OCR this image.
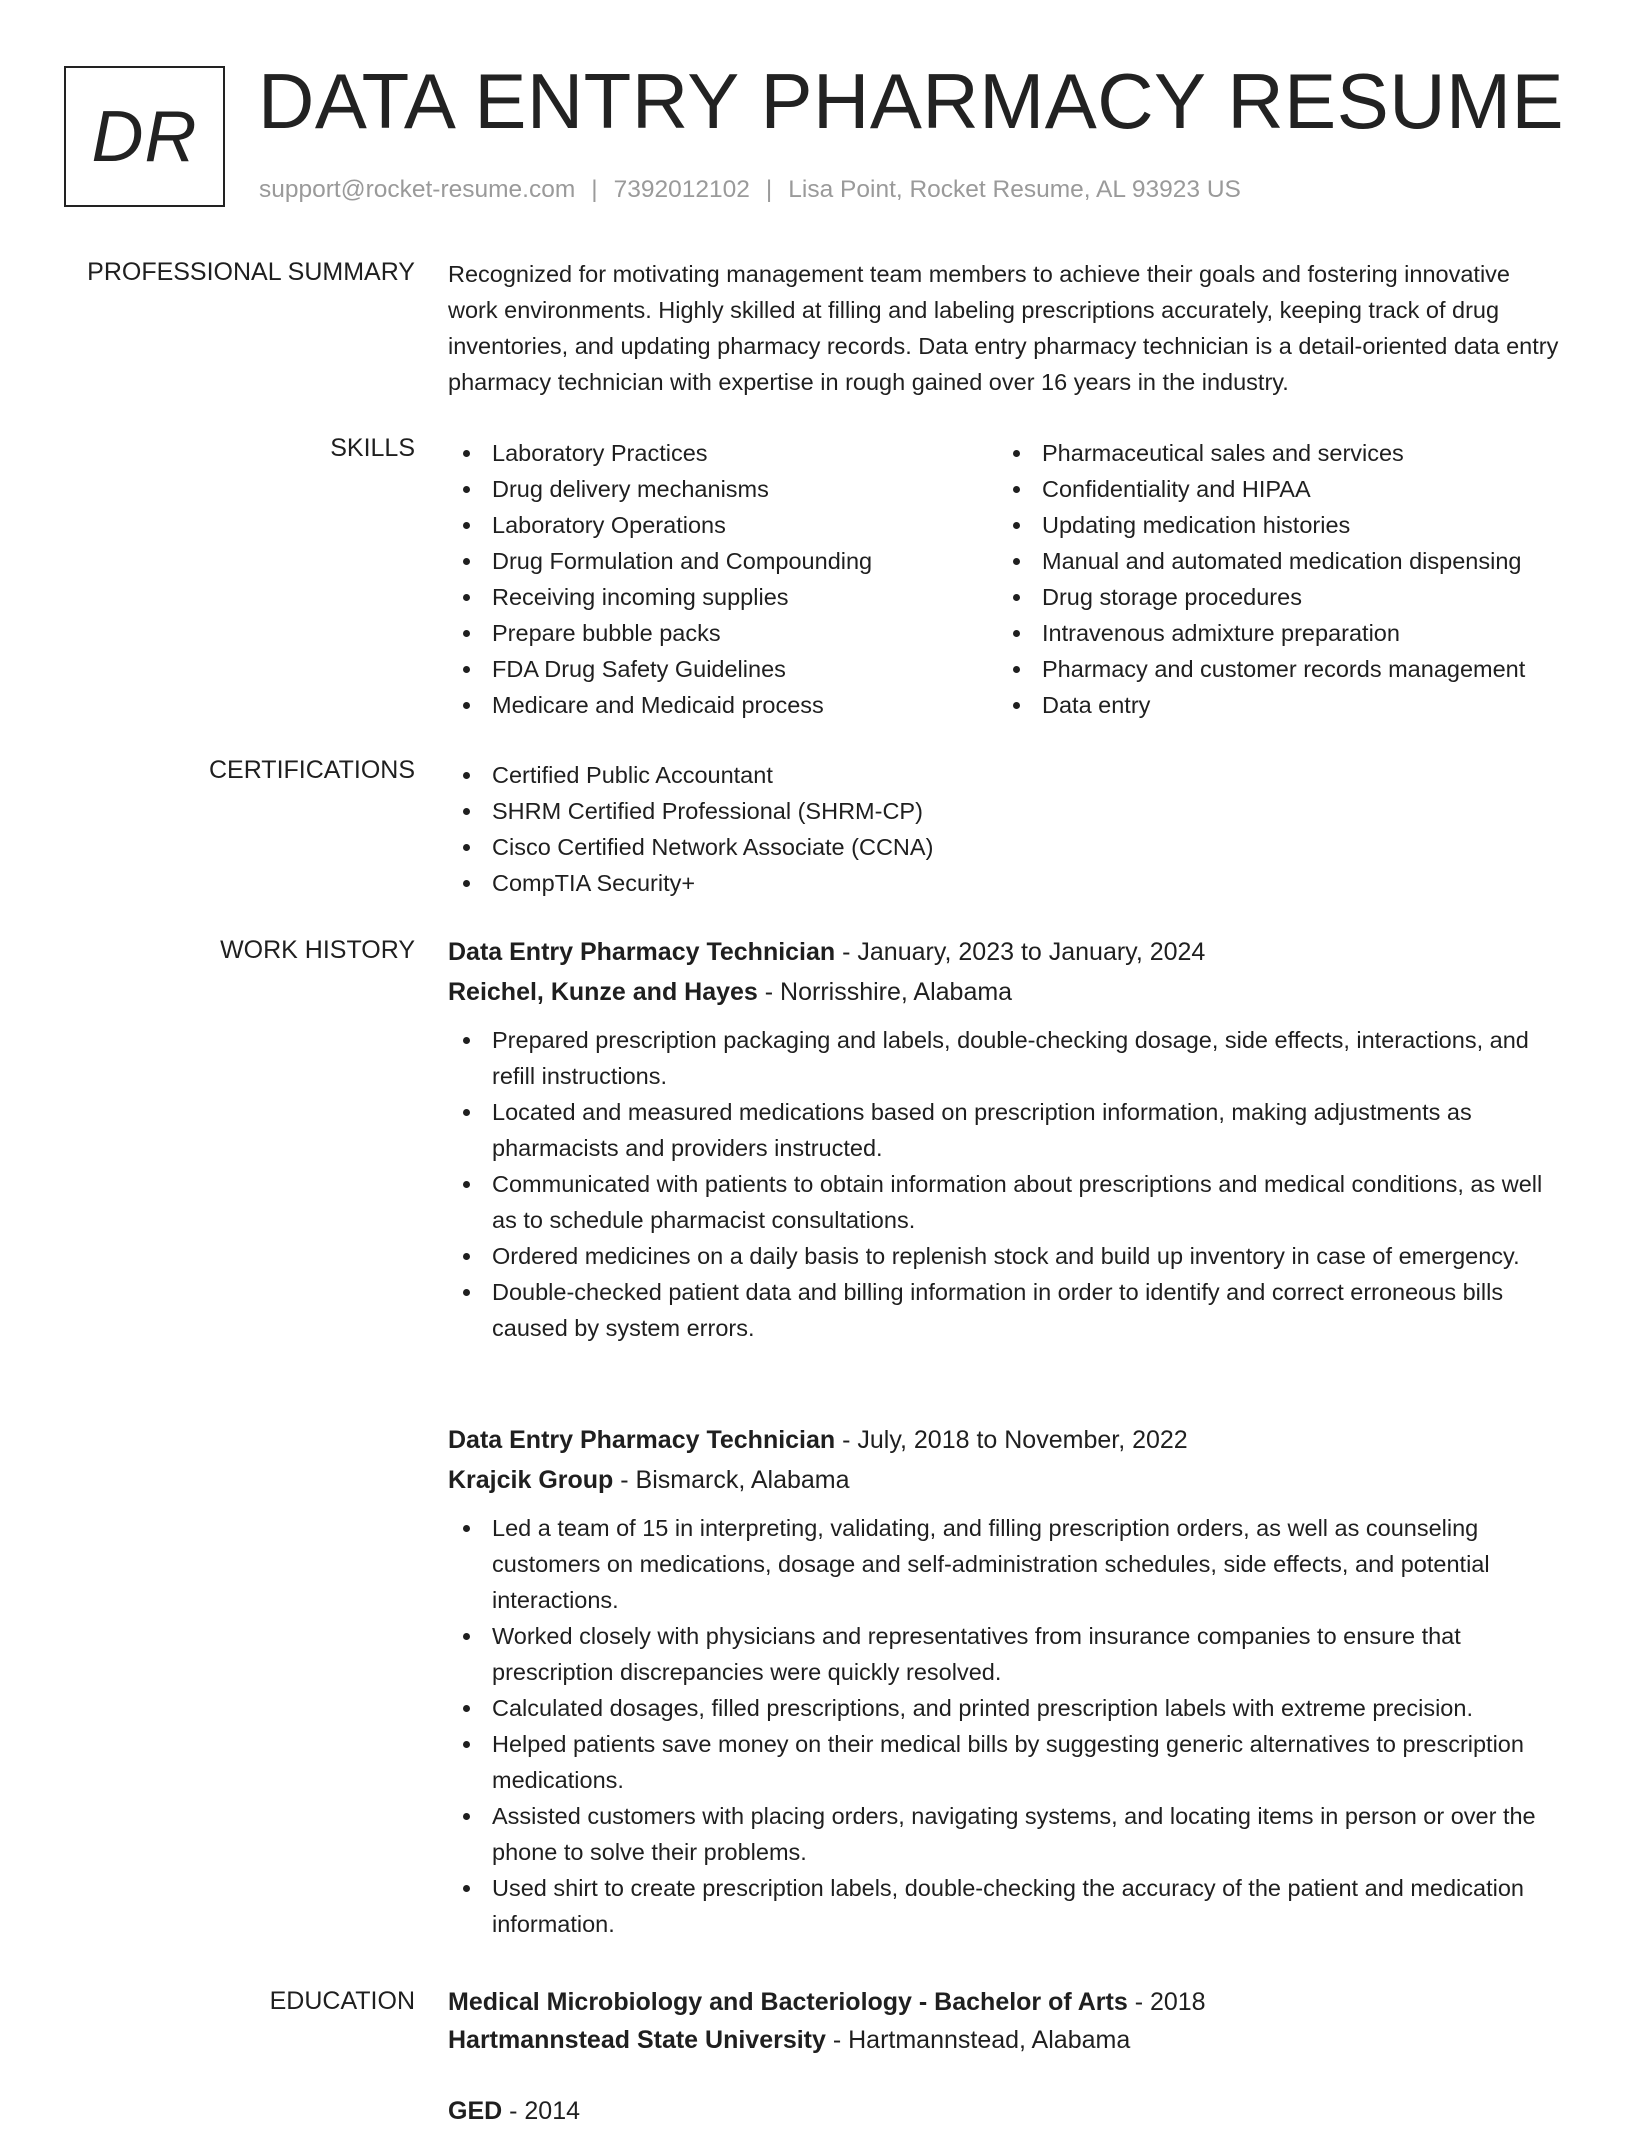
DR DATA ENTRY PHARMACY RESUME
support@rocket-resume.com | 7392012102 | Lisa Point, Rocket Resume, AL 93923 US
PROFESSIONAL SUMMARY Recognized for motivating management team members to achieve their goals and fostering innovative work environments. Highly skilled at filling and labeling prescriptions accurately, keeping track of drug inventories, and updating pharmacy records. Data entry pharmacy technician is a detail-oriented data entry pharmacy technician with expertise in rough gained over 16 years in the industry.
SKILLS	Laboratory Practices
Drug delivery mechanisms
Laboratory Operations
Drug Formulation and Compounding
Receiving incoming supplies
Prepare bubble packs
FDA Drug Safety Guidelines
Medicare and Medicaid process
Pharmaceutical sales and services
Confidentiality and HIPAA
Updating medication histories
Manual and automated medication dispensing
Drug storage procedures
Intravenous admixture preparation
Pharmacy and customer records management
Data entry
CERTIFICATIONS	Certified Public Accountant
SHRM Certified Professional (SHRM-CP)
Cisco Certified Network Associate (CCNA)
CompTIA Security+
WORK HISTORY Data Entry Pharmacy Technician - January, 2023 to January, 2024
Reichel, Kunze and Hayes - Norrisshire, Alabama
Prepared prescription packaging and labels, double-checking dosage, side effects, interactions, and refill instructions.
Located and measured medications based on prescription information, making adjustments as pharmacists and providers instructed.
Communicated with patients to obtain information about prescriptions and medical conditions, as well as to schedule pharmacist consultations.
Ordered medicines on a daily basis to replenish stock and build up inventory in case of emergency.
Double-checked patient data and billing information in order to identify and correct erroneous bills caused by system errors.
Data Entry Pharmacy Technician - July, 2018 to November, 2022
Krajcik Group - Bismarck, Alabama
Led a team of 15 in interpreting, validating, and filling prescription orders, as well as counseling customers on medications, dosage and self-administration schedules, side effects, and potential interactions.
Worked closely with physicians and representatives from insurance companies to ensure that prescription discrepancies were quickly resolved.
Calculated dosages, filled prescriptions, and printed prescription labels with extreme precision.
Helped patients save money on their medical bills by suggesting generic alternatives to prescription medications.
Assisted customers with placing orders, navigating systems, and locating items in person or over the phone to solve their problems.
Used shirt to create prescription labels, double-checking the accuracy of the patient and medication information.
EDUCATION Medical Microbiology and Bacteriology - Bachelor of Arts - 2018
Hartmannstead State University - Hartmannstead, Alabama
GED - 2014
